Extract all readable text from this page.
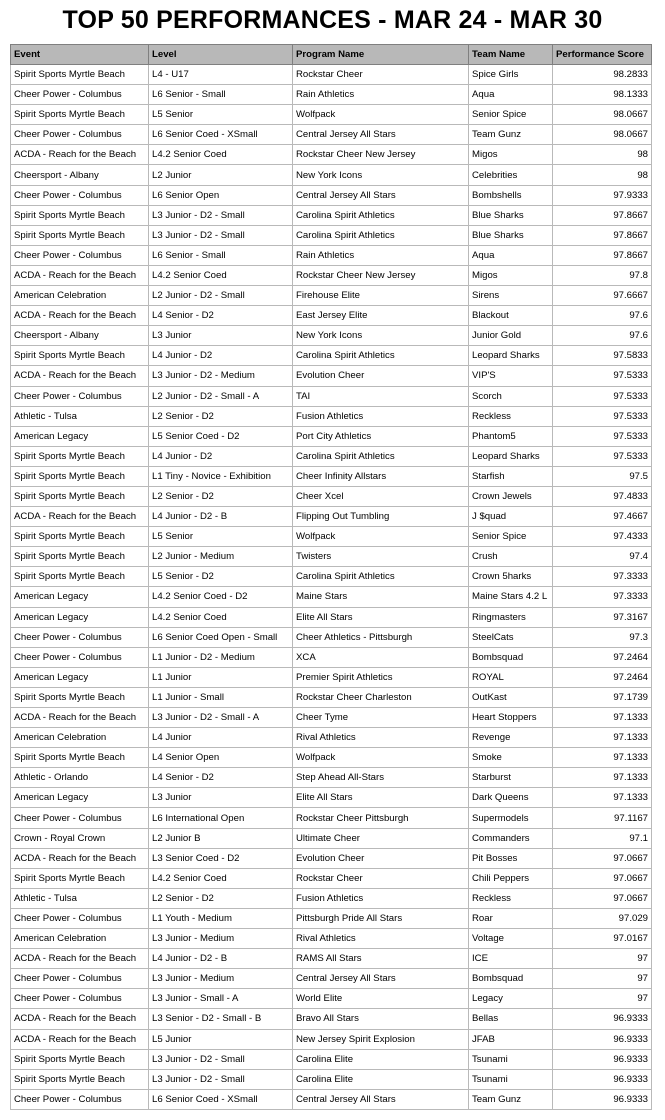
TOP 50 PERFORMANCES - MAR 24 - MAR 30
Event	Level	Program Name	Team Name	Performance Score
Spirit Sports Myrtle Beach	L4 - U17	Rockstar Cheer	Spice Girls	98.2833
Cheer Power - Columbus	L6 Senior - Small	Rain Athletics	Aqua	98.1333
Spirit Sports Myrtle Beach	L5 Senior	Wolfpack	Senior Spice	98.0667
Cheer Power - Columbus	L6 Senior Coed - XSmall	Central Jersey All Stars	Team Gunz	98.0667
ACDA - Reach for the Beach	L4.2 Senior Coed	Rockstar Cheer New Jersey	Migos	98
Cheersport - Albany	L2 Junior	New York Icons	Celebrities	98
Cheer Power - Columbus	L6 Senior Open	Central Jersey All Stars	Bombshells	97.9333
Spirit Sports Myrtle Beach	L3 Junior - D2 - Small	Carolina Spirit Athletics	Blue Sharks	97.8667
Spirit Sports Myrtle Beach	L3 Junior - D2 - Small	Carolina Spirit Athletics	Blue Sharks	97.8667
Cheer Power - Columbus	L6 Senior - Small	Rain Athletics	Aqua	97.8667
ACDA - Reach for the Beach	L4.2 Senior Coed	Rockstar Cheer New Jersey	Migos	97.8
American Celebration	L2 Junior - D2 - Small	Firehouse Elite	Sirens	97.6667
ACDA - Reach for the Beach	L4 Senior - D2	East Jersey Elite	Blackout	97.6
Cheersport - Albany	L3 Junior	New York Icons	Junior Gold	97.6
Spirit Sports Myrtle Beach	L4 Junior - D2	Carolina Spirit Athletics	Leopard Sharks	97.5833
ACDA - Reach for the Beach	L3 Junior - D2 - Medium	Evolution Cheer	VIP'S	97.5333
Cheer Power - Columbus	L2 Junior - D2 - Small - A	TAI	Scorch	97.5333
Athletic - Tulsa	L2 Senior - D2	Fusion Athletics	Reckless	97.5333
American Legacy	L5 Senior Coed - D2	Port City Athletics	Phantom5	97.5333
Spirit Sports Myrtle Beach	L4 Junior - D2	Carolina Spirit Athletics	Leopard Sharks	97.5333
Spirit Sports Myrtle Beach	L1 Tiny - Novice - Exhibition	Cheer Infinity Allstars	Starfish	97.5
Spirit Sports Myrtle Beach	L2 Senior - D2	Cheer Xcel	Crown Jewels	97.4833
ACDA - Reach for the Beach	L4 Junior - D2 - B	Flipping Out Tumbling	J $quad	97.4667
Spirit Sports Myrtle Beach	L5 Senior	Wolfpack	Senior Spice	97.4333
Spirit Sports Myrtle Beach	L2 Junior - Medium	Twisters	Crush	97.4
Spirit Sports Myrtle Beach	L5 Senior - D2	Carolina Spirit Athletics	Crown 5harks	97.3333
American Legacy	L4.2 Senior Coed - D2	Maine Stars	Maine Stars 4.2 L	97.3333
American Legacy	L4.2 Senior Coed	Elite All Stars	Ringmasters	97.3167
Cheer Power - Columbus	L6 Senior Coed Open - Small	Cheer Athletics - Pittsburgh	SteelCats	97.3
Cheer Power - Columbus	L1 Junior - D2 - Medium	XCA	Bombsquad	97.2464
American Legacy	L1 Junior	Premier Spirit Athletics	ROYAL	97.2464
Spirit Sports Myrtle Beach	L1 Junior - Small	Rockstar Cheer Charleston	OutKast	97.1739
ACDA - Reach for the Beach	L3 Junior - D2 - Small - A	Cheer Tyme	Heart Stoppers	97.1333
American Celebration	L4 Junior	Rival Athletics	Revenge	97.1333
Spirit Sports Myrtle Beach	L4 Senior Open	Wolfpack	Smoke	97.1333
Athletic - Orlando	L4 Senior - D2	Step Ahead All-Stars	Starburst	97.1333
American Legacy	L3 Junior	Elite All Stars	Dark Queens	97.1333
Cheer Power - Columbus	L6 International Open	Rockstar Cheer Pittsburgh	Supermodels	97.1167
Crown - Royal Crown	L2 Junior B	Ultimate Cheer	Commanders	97.1
ACDA - Reach for the Beach	L3 Senior Coed - D2	Evolution Cheer	Pit Bosses	97.0667
Spirit Sports Myrtle Beach	L4.2 Senior Coed	Rockstar Cheer	Chili Peppers	97.0667
Athletic - Tulsa	L2 Senior - D2	Fusion Athletics	Reckless	97.0667
Cheer Power - Columbus	L1 Youth - Medium	Pittsburgh Pride All Stars	Roar	97.029
American Celebration	L3 Junior - Medium	Rival Athletics	Voltage	97.0167
ACDA - Reach for the Beach	L4 Junior - D2 - B	RAMS All Stars	ICE	97
Cheer Power - Columbus	L3 Junior - Medium	Central Jersey All Stars	Bombsquad	97
Cheer Power - Columbus	L3 Junior - Small - A	World Elite	Legacy	97
ACDA - Reach for the Beach	L3 Senior - D2 - Small - B	Bravo All Stars	Bellas	96.9333
ACDA - Reach for the Beach	L5 Junior	New Jersey Spirit Explosion	JFAB	96.9333
Spirit Sports Myrtle Beach	L3 Junior - D2 - Small	Carolina Elite	Tsunami	96.9333
Spirit Sports Myrtle Beach	L3 Junior - D2 - Small	Carolina Elite	Tsunami	96.9333
Cheer Power - Columbus	L6 Senior Coed - XSmall	Central Jersey All Stars	Team Gunz	96.9333
